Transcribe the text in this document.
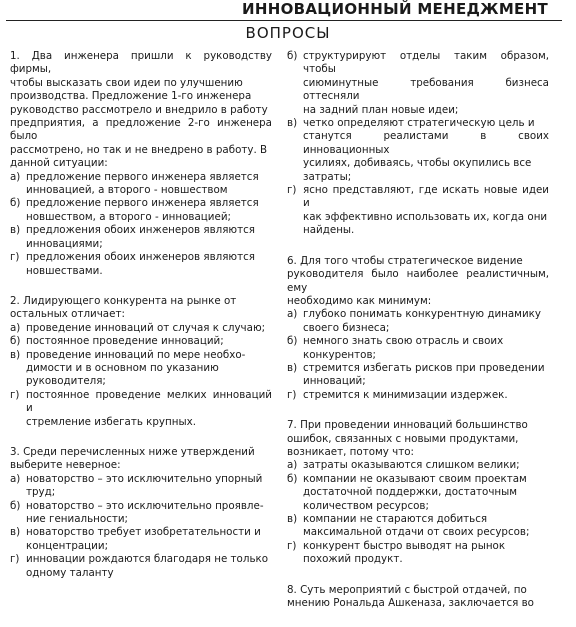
ИННОВАЦИОННЫЙ МЕНЕДЖМЕНТ
ВОПРОСЫ

1. Два инженера пришли к руководству фирмы,
чтобы высказать свои идеи по улучшению
производства. Предложение 1-го инженера
руководство рассмотрело и внедрило в работу
предприятия, а предложение 2-го инженера было
рассмотрено, но так и не внедрено в работу. В
данной ситуации:

а) предложение первого инженера является
инновацией, а второго - новшеством
б) предложение первого инженера является
новшеством, а второго - инновацией;
в) предложения обоих инженеров являются
инновациями;
г) предложения обоих инженеров являются
новшествами.

2. Лидирующего конкурента на рынке от
остальных отличает:

а) проведение инноваций от случая к случаю;
б) постоянное проведение инноваций;
в) проведение инноваций по мере необхо-
димости и в основном по указанию
руководителя;
г) постоянное проведение мелких инноваций и
стремление избегать крупных.

3. Среди перечисленных ниже утверждений
выберите неверное:

а) новаторство – это исключительно упорный
труд;
б) новаторство – это исключительно проявле-
ние гениальности;
в) новаторство требует изобретательности и
концентрации;
г) инновации рождаются благодаря не только
одному таланту
б) структурируют отделы таким образом, чтобы
сиюминутные требования бизнеса оттесняли
на задний план новые идеи;
в) четко определяют стратегическую цель и
станутся реалистами в своих инновационных
усилиях, добиваясь, чтобы окупились все
затраты;
г) ясно представляют, где искать новые идеи и
как эффективно использовать их, когда они
найдены.

6. Для того чтобы стратегическое видение
руководителя было наиболее реалистичным, ему
необходимо как минимум:

а) глубоко понимать конкурентную динамику
своего бизнеса;
б) немного знать свою отрасль и своих
конкурентов;
в) стремится избегать рисков при проведении
инноваций;
г) стремится к минимизации издержек.

7. При проведении инноваций большинство
ошибок, связанных с новыми продуктами,
возникает, потому что:

а) затраты оказываются слишком велики;
б) компании не оказывают своим проектам
достаточной поддержки, достаточным
количеством ресурсов;
в) компании не стараются добиться
максимальной отдачи от своих ресурсов;
г) конкурент быстро выводят на рынок
похожий продукт.

8. Суть мероприятий с быстрой отдачей, по
мнению Рональда Ашкеназа, заключается во
